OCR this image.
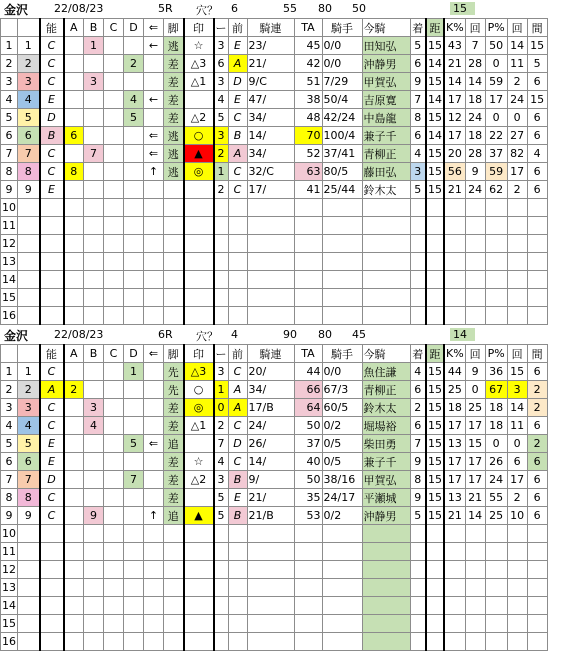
金沢 22/08/23	5R 穴？ 6	55 80 50	15
		能	A	B	C	D	⇐	脚	印	ー	前	騎連	TA	騎手	今騎	着	距	K%	回	P%	回	間
1	1	C		1			←	逃	☆	3	E	23/	45	0/0	田知弘	5	15	43	7	50	14	15
2	2	C				2		差	△3	6	A	21/	42	0/0	沖静男	6	14	21	28	0	11	5
3	3	C		3				差	△1	3	D	9/C	51	7/29	甲賀弘	9	15	14	14	59	2	6
4	4	E				4	←	差		4	E	47/	38	50/4	吉原寛	7	14	17	18	17	24	15
5	5	D				5		差	△2	5	C	34/	48	42/24	中島龍	8	15	12	24	0	0	6
6	6	B	6				⇐	逃	○	3	B	14/	70	100/4	兼子千	6	14	17	18	22	27	6
7	7	C		7			⇐	逃	▲	2	A	34/	52	37/41	青柳正	4	15	20	28	37	82	4
8	8	C	8				↑	逃	◎	1	C	32/C	63	80/5	藤田弘	3	15	56	9	59	17	6
9	9	E								2	C	17/	41	25/44	鈴木太	5	15	21	24	62	2	6
10																						
11																						
12																						
13																						
14																						
15																						
16																						
金沢 22/08/23	6R 穴？ 4	90 80 45	14
		能	A	B	C	D	⇐	脚	印	ー	前	騎連	TA	騎手	今騎	着	距	K%	回	P%	回	間
1	1	C				1		先	△3	3	C	20/	44	0/0	魚住謙	4	15	44	9	36	15	6
2	2	A	2					先	○	1	A	34/	66	67/3	青柳正	6	15	25	0	67	3	2
3	3	C		3				差	◎	0	A	17/B	64	60/5	鈴木太	2	15	18	25	18	14	2
4	4	C		4				差	△1	2	C	24/	50	0/2	堀場裕	6	15	17	17	18	11	6
5	5	E				5	⇐	追		7	D	26/	37	0/5	柴田勇	7	15	13	15	0	0	2
6	6	E						差	☆	4	C	14/	40	0/5	兼子千	9	15	17	17	26	6	6
7	7	D				7		差	△2	3	B	9/	50	38/16	甲賀弘	8	15	17	17	24	17	6
8	8	C						差		5	E	21/	35	24/17	平瀬城	9	15	13	21	55	2	6
9	9	C		9			↑	追	▲	5	B	21/B	53	0/2	沖静男	5	15	21	14	25	10	6
10																						
11																						
12																						
13																						
14																						
15																						
16																						
